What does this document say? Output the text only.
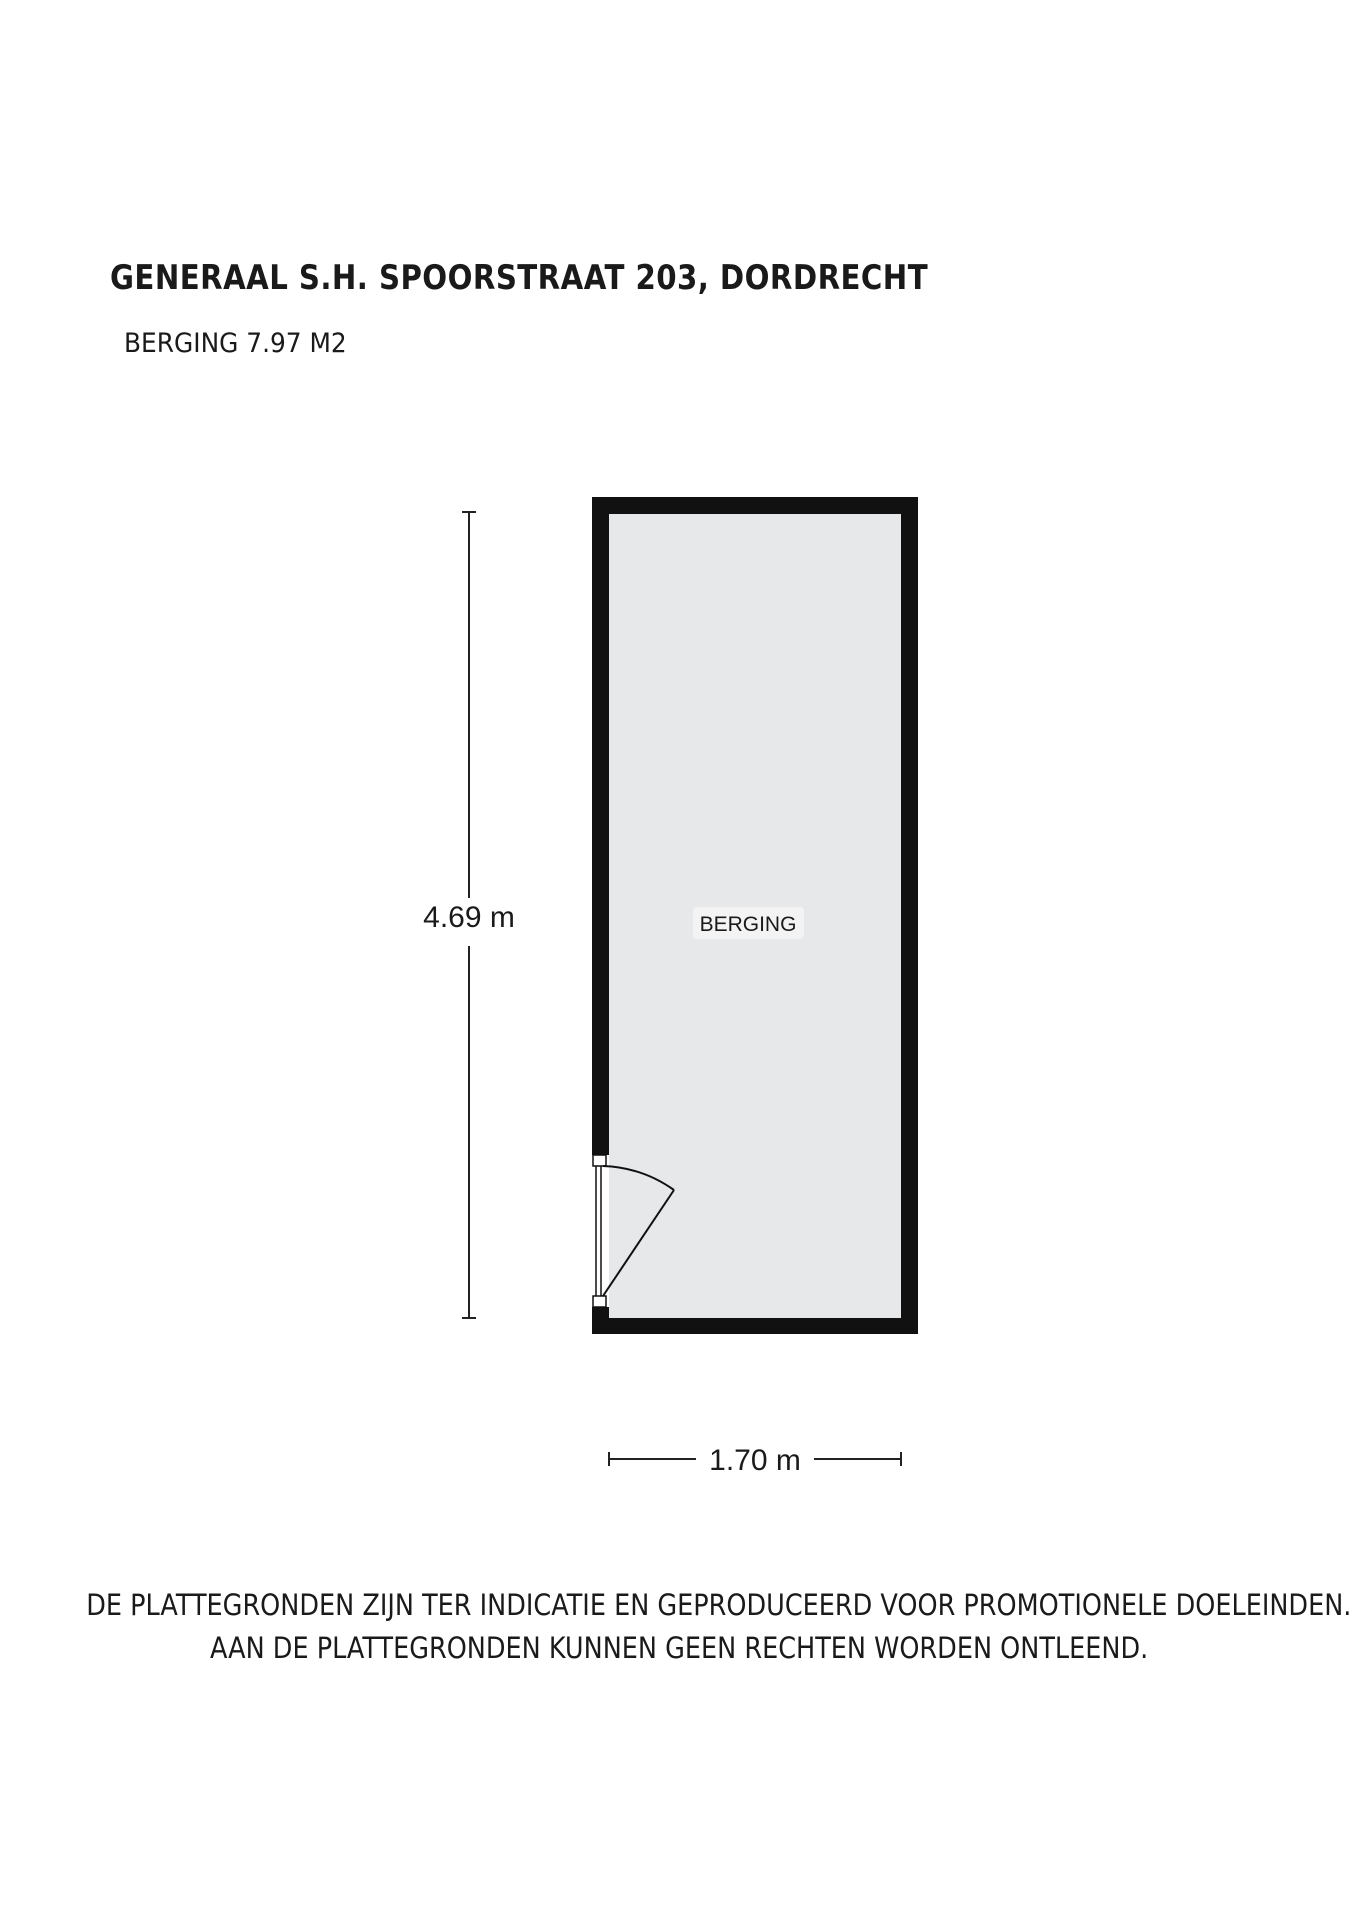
GENERAAL S.H. SPOORSTRAAT 203, DORDRECHT
BERGING 7.97 M2
4.69 m	BERGING
1.70 m
DE PLATTEGRONDEN ZIJN TER INDICATIE EN GEPRODUCEERD VOOR PROMOTIONELE DOELEINDEN.
AAN DE PLATTEGRONDEN KUNNEN GEEN RECHTEN WORDEN ONTLEEND.
